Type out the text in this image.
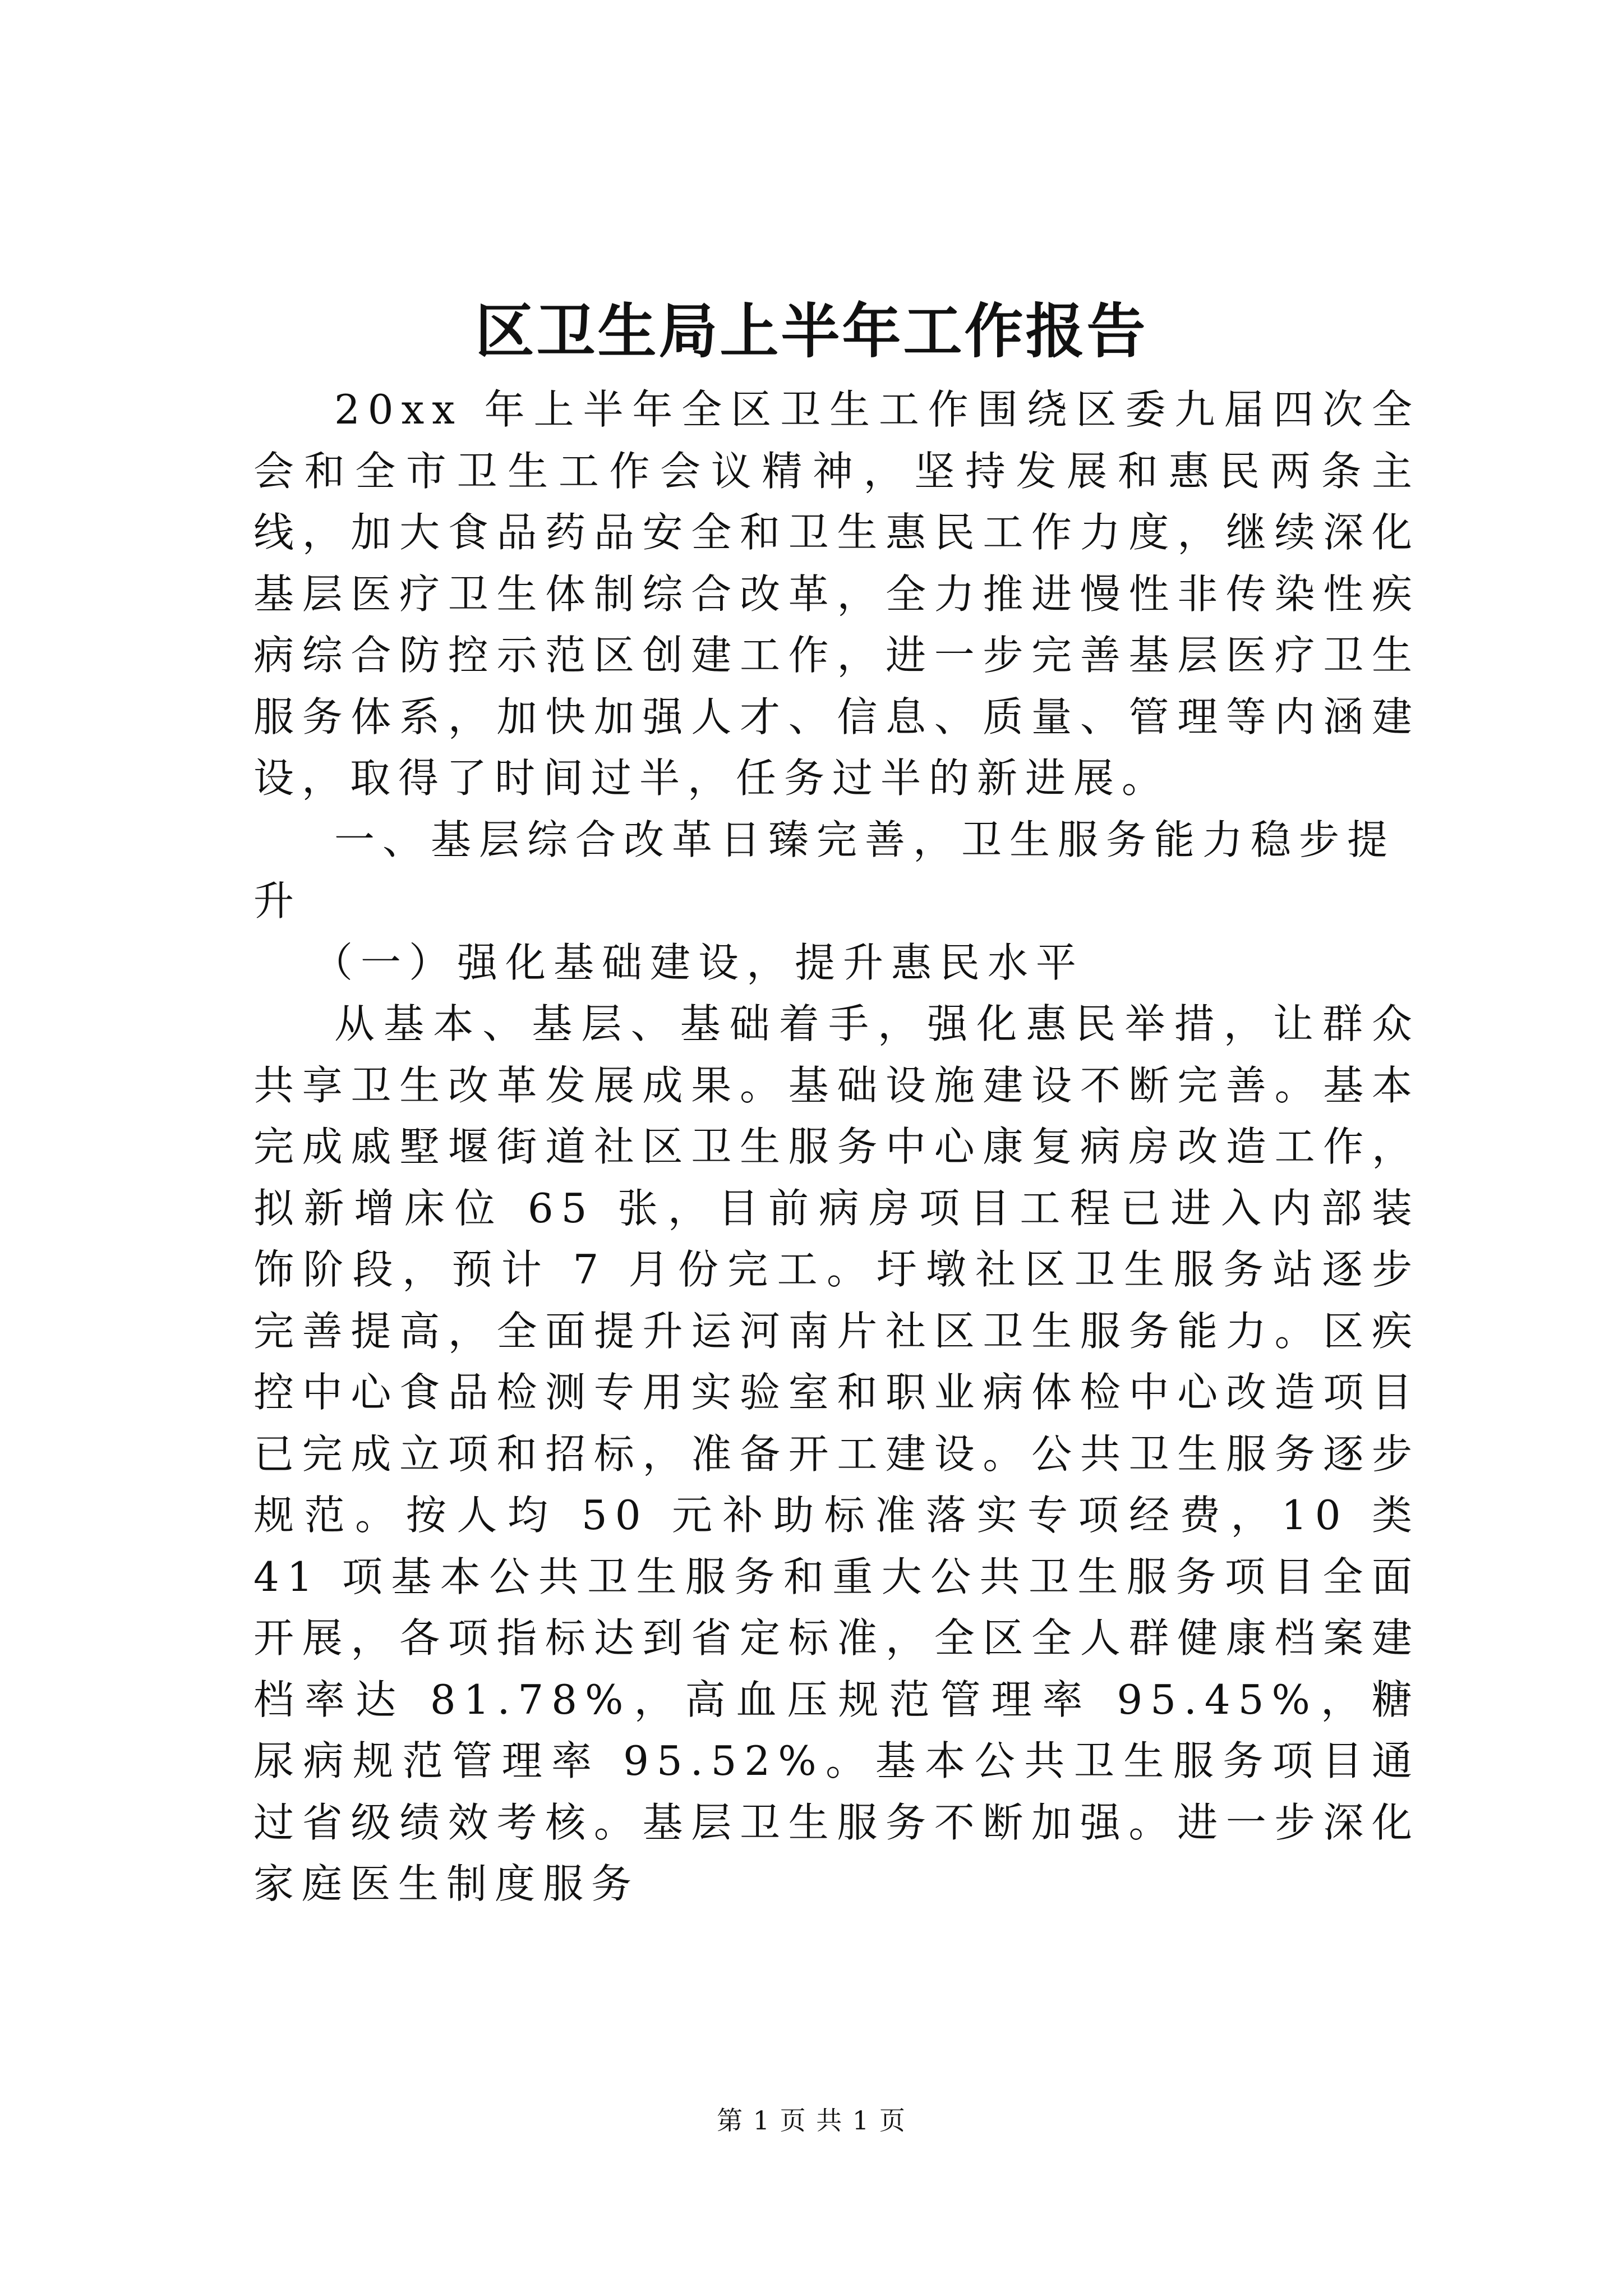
区卫生局上半年工作报告

20xx 年上半年全区卫生工作围绕区委九届四次全会和全市卫生工作会议精神，坚持发展和惠民两条主线，加大食品药品安全和卫生惠民工作力度，继续深化基层医疗卫生体制综合改革，全力推进慢性非传染性疾病综合防控示范区创建工作，进一步完善基层医疗卫生服务体系，加快加强人才、信息、质量、管理等内涵建设，取得了时间过半，任务过半的新进展。

一、基层综合改革日臻完善，卫生服务能力稳步提升

（一）强化基础建设，提升惠民水平

从基本、基层、基础着手，强化惠民举措，让群众共享卫生改革发展成果。基础设施建设不断完善。基本完成戚墅堰街道社区卫生服务中心康复病房改造工作，拟新增床位 65 张，目前病房项目工程已进入内部装饰阶段，预计 7 月份完工。圩墩社区卫生服务站逐步完善提高，全面提升运河南片社区卫生服务能力。区疾控中心食品检测专用实验室和职业病体检中心改造项目已完成立项和招标，准备开工建设。公共卫生服务逐步规范。按人均 50 元补助标准落实专项经费，10 类 41 项基本公共卫生服务和重大公共卫生服务项目全面开展，各项指标达到省定标准，全区全人群健康档案建档率达 81.78%，高血压规范管理率 95.45%，糖尿病规范管理率 95.52%。基本公共卫生服务项目通过省级绩效考核。基层卫生服务不断加强。进一步深化家庭医生制度服务

第 1 页 共 1 页
